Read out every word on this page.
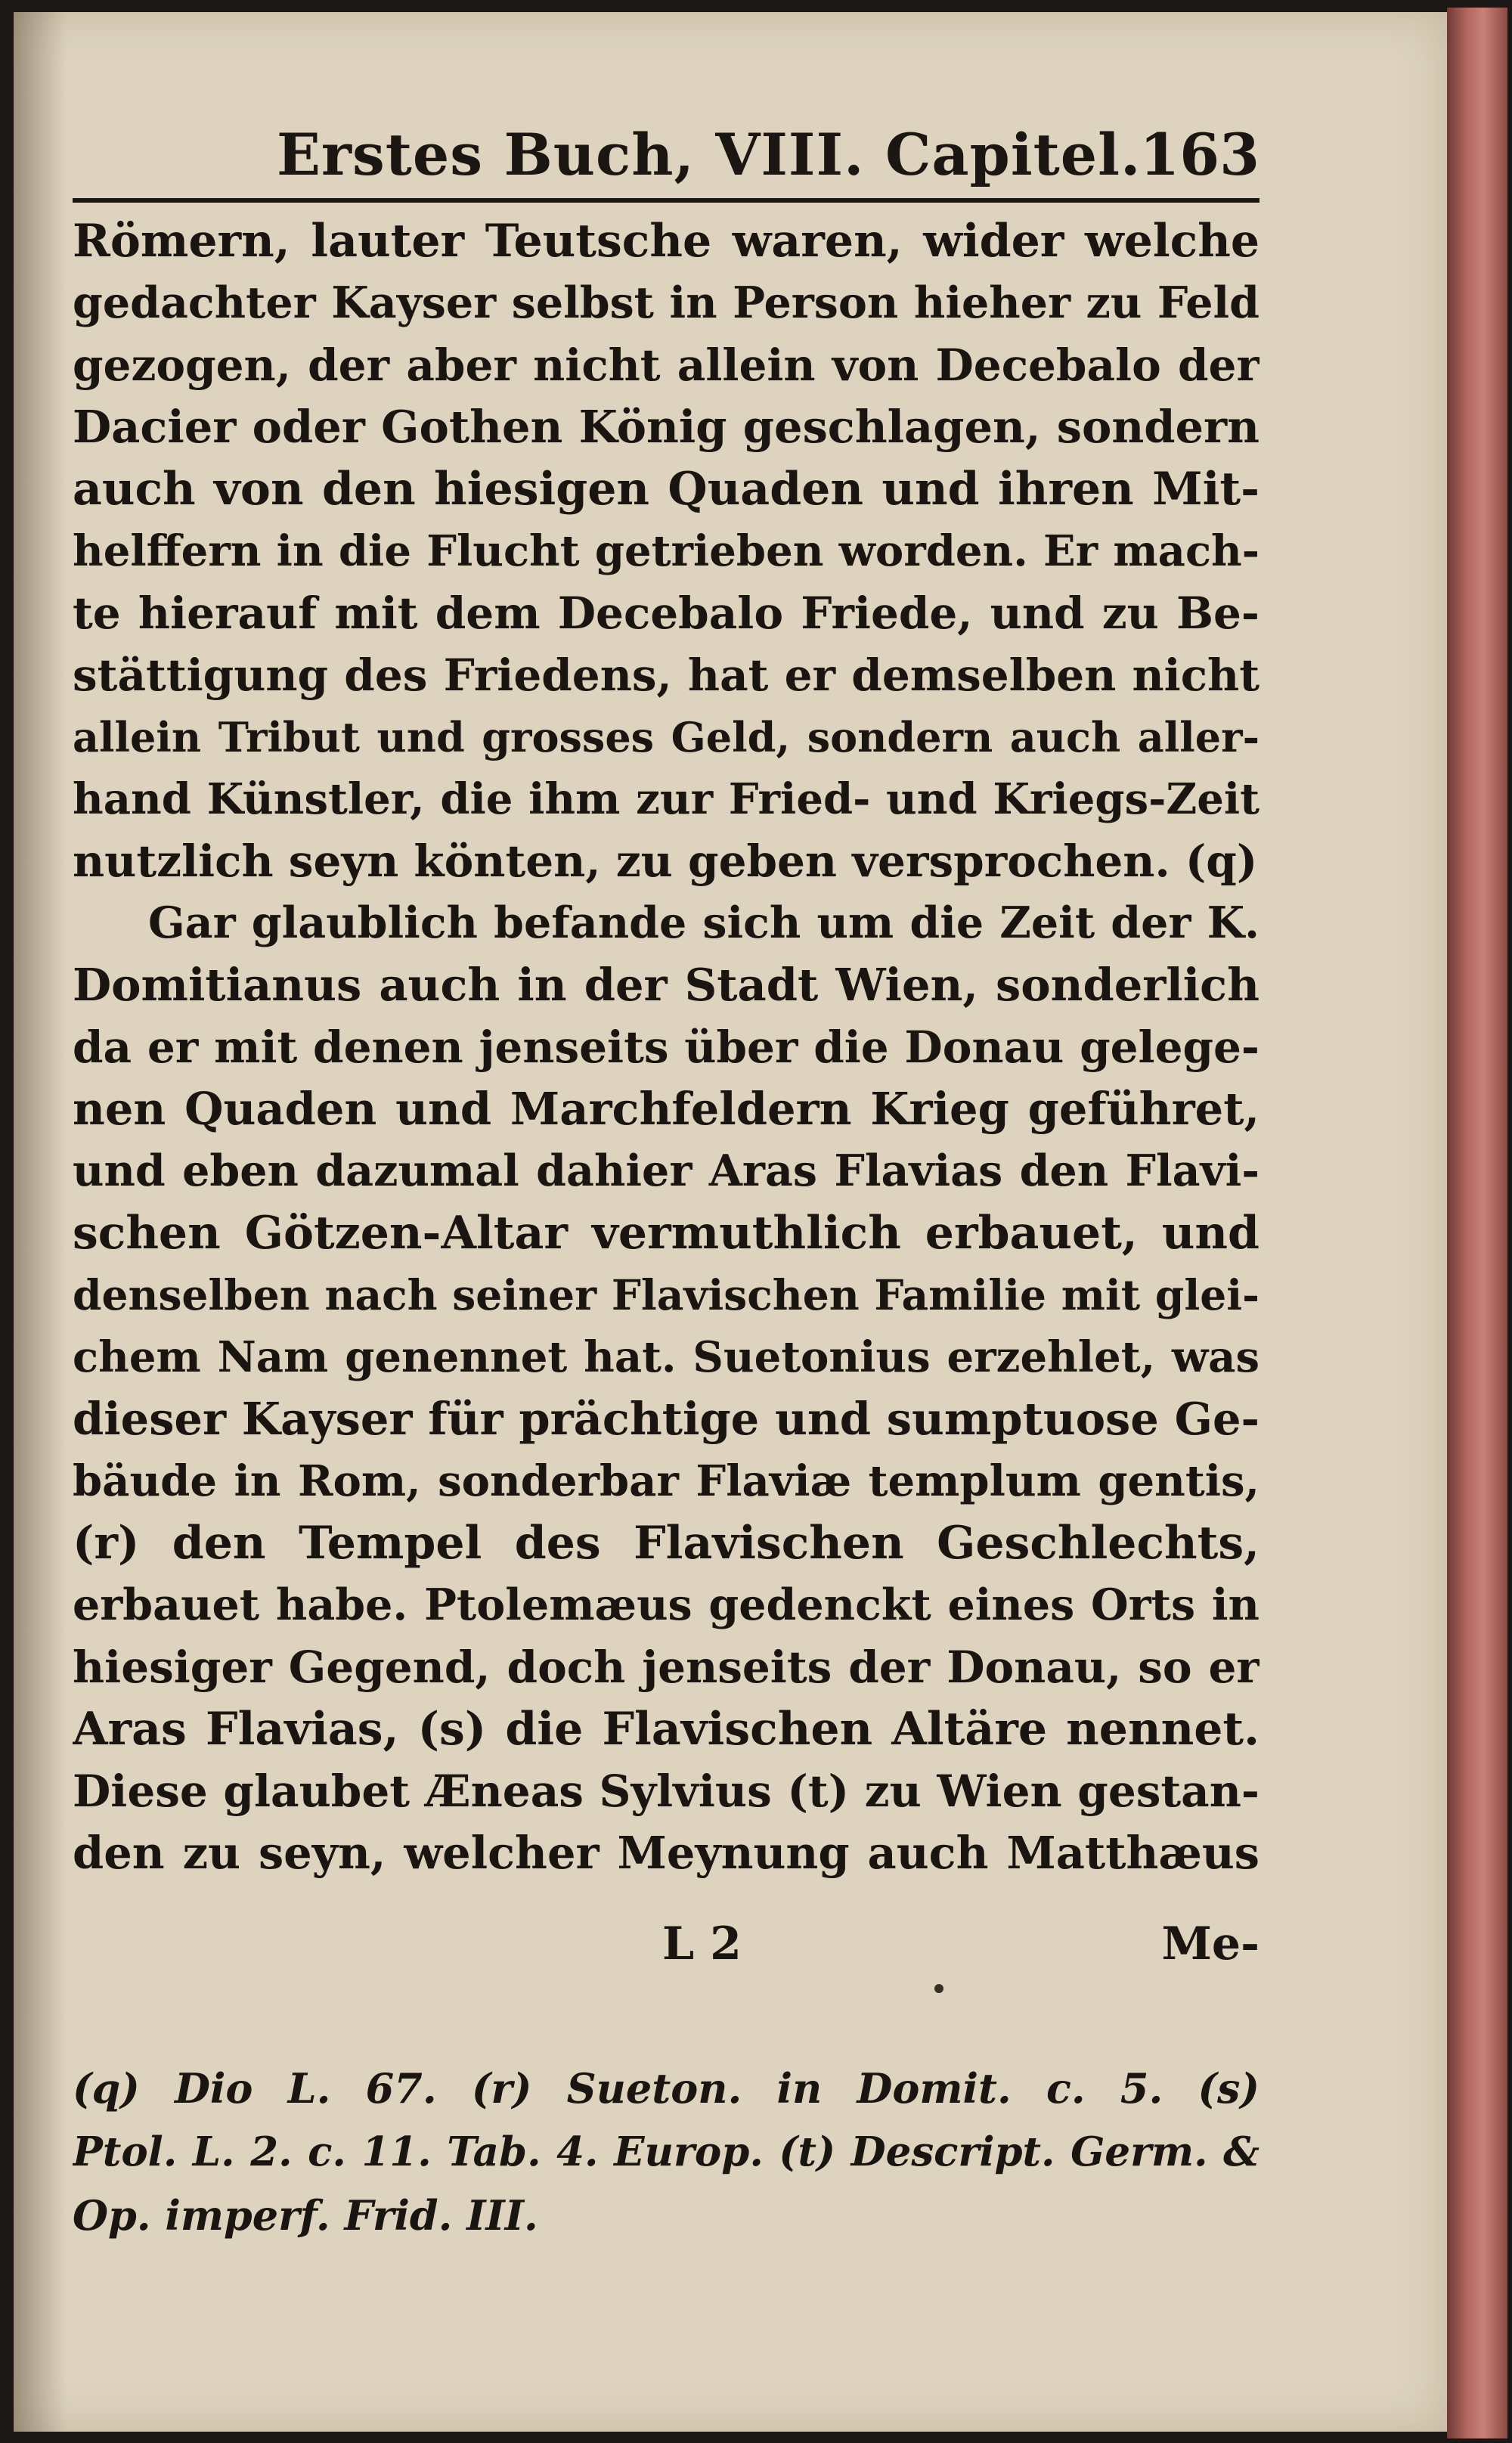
Erstes Buch, VIII. Capitel.
163
Römern, lauter Teutsche waren, wider welche
gedachter Kayser selbst in Person hieher zu Feld
gezogen, der aber nicht allein von Decebalo der
Dacier oder Gothen König geschlagen, sondern
auch von den hiesigen Quaden und ihren Mit-
helffern in die Flucht getrieben worden. Er mach-
te hierauf mit dem Decebalo Friede, und zu Be-
stättigung des Friedens, hat er demselben nicht
allein Tribut und grosses Geld, sondern auch aller-
hand Künstler, die ihm zur Fried- und Kriegs-Zeit
nutzlich seyn könten, zu geben versprochen. (q)
Gar glaublich befande sich um die Zeit der K.
Domitianus auch in der Stadt Wien, sonderlich
da er mit denen jenseits über die Donau gelege-
nen Quaden und Marchfeldern Krieg geführet,
und eben dazumal dahier Aras Flavias den Flavi-
schen Götzen-Altar vermuthlich erbauet, und
denselben nach seiner Flavischen Familie mit glei-
chem Nam genennet hat. Suetonius erzehlet, was
dieser Kayser für prächtige und sumptuose Ge-
bäude in Rom, sonderbar Flaviæ templum gentis,
(r) den Tempel des Flavischen Geschlechts,
erbauet habe. Ptolemæus gedenckt eines Orts in
hiesiger Gegend, doch jenseits der Donau, so er
Aras Flavias, (s) die Flavischen Altäre nennet.
Diese glaubet Æneas Sylvius (t) zu Wien gestan-
den zu seyn, welcher Meynung auch Matthæus
L 2	Me-
(q) Dio L. 67. (r) Sueton. in Domit. c. 5. (s)
Ptol. L. 2. c. 11. Tab. 4. Europ. (t) Descript. Germ. &
Op. imperf. Frid. III.
